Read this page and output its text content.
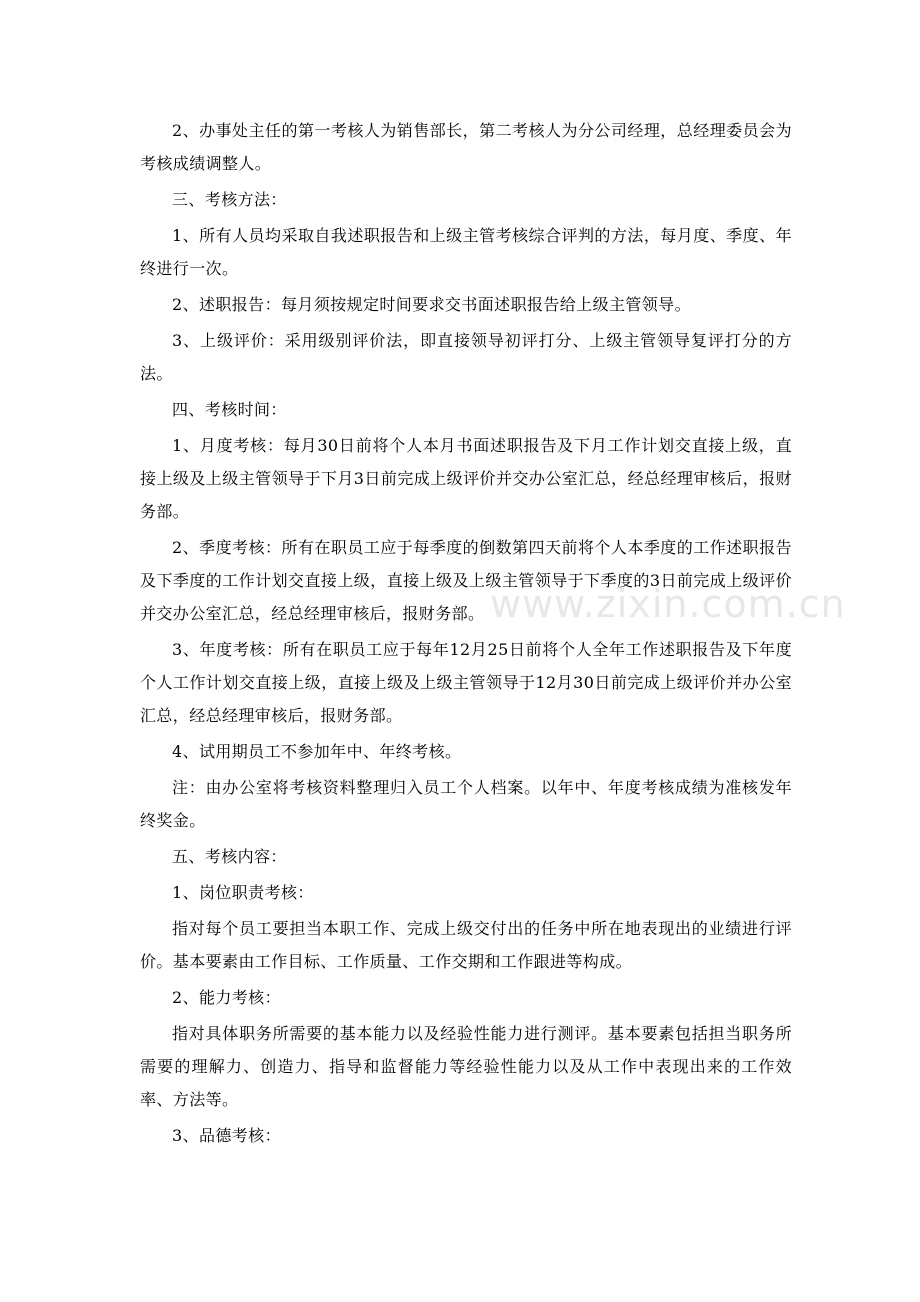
2、办事处主任的第一考核人为销售部长，第二考核人为分公司经理，总经理委员会为考核成绩调整人。

三、考核方法：

1、所有人员均采取自我述职报告和上级主管考核综合评判的方法，每月度、季度、年终进行一次。

2、述职报告：每月须按规定时间要求交书面述职报告给上级主管领导。

3、上级评价：采用级别评价法，即直接领导初评打分、上级主管领导复评打分的方法。

四、考核时间：

1、月度考核：每月30日前将个人本月书面述职报告及下月工作计划交直接上级，直接上级及上级主管领导于下月3日前完成上级评价并交办公室汇总，经总经理审核后，报财务部。

2、季度考核：所有在职员工应于每季度的倒数第四天前将个人本季度的工作述职报告及下季度的工作计划交直接上级，直接上级及上级主管领导于下季度的3日前完成上级评价并交办公室汇总，经总经理审核后，报财务部。

3、年度考核：所有在职员工应于每年12月25日前将个人全年工作述职报告及下年度个人工作计划交直接上级，直接上级及上级主管领导于12月30日前完成上级评价并办公室汇总，经总经理审核后，报财务部。

4、试用期员工不参加年中、年终考核。

注：由办公室将考核资料整理归入员工个人档案。以年中、年度考核成绩为准核发年终奖金。

五、考核内容：

1、岗位职责考核：

指对每个员工要担当本职工作、完成上级交付出的任务中所在地表现出的业绩进行评价。基本要素由工作目标、工作质量、工作交期和工作跟进等构成。

2、能力考核：

指对具体职务所需要的基本能力以及经验性能力进行测评。基本要素包括担当职务所需要的理解力、创造力、指导和监督能力等经验性能力以及从工作中表现出来的工作效率、方法等。

3、品德考核：

www.zixin.com.cn
